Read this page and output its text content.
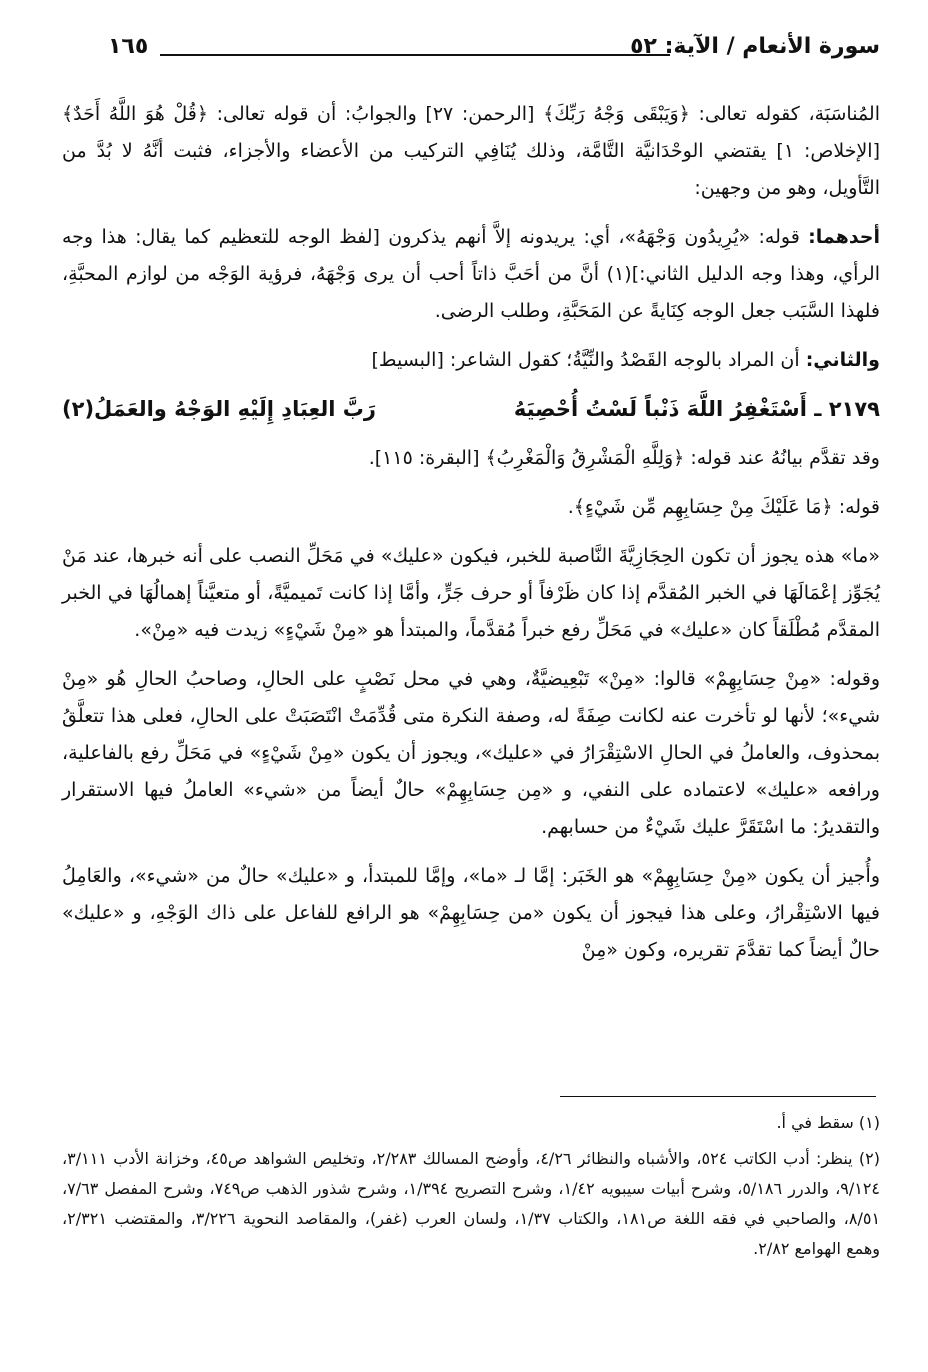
سورة الأنعام / الآية: ٥٢
١٦٥

المُناسَبَة، كقوله تعالى: ﴿وَيَبْقَى وَجْهُ رَبِّكَ﴾ [الرحمن: ٢٧] والجوابُ: أن قوله تعالى: ﴿قُلْ هُوَ اللَّهُ أَحَدٌ﴾ [الإخلاص: ١] يقتضي الوحْدَانيَّة التَّامَّة، وذلك يُنَافِي التركيب من الأعضاء والأجزاء، فثبت أنَّهُ لا بُدَّ من التَّأويل، وهو من وجهين:

أحدهما: قوله: «يُرِيدُون وَجْهَهُ»، أي: يريدونه إلاَّ أنهم يذكرون [لفظ الوجه للتعظيم كما يقال: هذا وجه الرأي، وهذا وجه الدليل الثاني:](١) أنَّ من أحَبَّ ذاتاً أحب أن يرى وَجْهَهُ، فرؤية الوَجْه من لوازم المحبَّةِ، فلهذا السَّبَب جعل الوجه كِنَايةً عن المَحَبَّةِ، وطلب الرضى.

والثاني: أن المراد بالوجه القَصْدُ والنِّيَّةُ؛ كقول الشاعر: [البسيط]

٢١٧٩ ـ أَسْتَغْفِرُ اللَّهَ ذَنْباً لَسْتُ أُحْصِيَهُ
رَبَّ العِبَادِ إِلَيْهِ الوَجْهُ والعَمَلُ(٢)

وقد تقدَّم بيانُهُ عند قوله: ﴿وَلِلَّهِ الْمَشْرِقُ وَالْمَغْرِبُ﴾ [البقرة: ١١٥].

قوله: ﴿مَا عَلَيْكَ مِنْ حِسَابِهِم مِّن شَيْءٍ﴾.

«ما» هذه يجوز أن تكون الحِجَازِيَّةَ النَّاصبة للخبر، فيكون «عليك» في مَحَلِّ النصب على أنه خبرها، عند مَنْ يُجَوِّز إعْمَالَهَا في الخبر المُقدَّم إذا كان ظَرْفاً أو حرف جَرٍّ، وأمَّا إذا كانت تَميميَّةً، أو متعيَّناً إهمالُهَا في الخبر المقدَّم مُطْلَقاً كان «عليك» في مَحَلِّ رفع خبراً مُقدَّماً، والمبتدأ هو «مِنْ شَيْءٍ» زيدت فيه «مِنْ».

وقوله: «مِنْ حِسَابِهِمْ» قالوا: «مِنْ» تَبْعِيضيَّةٌ، وهي في محل نَصْبٍ على الحالِ، وصاحبُ الحالِ هُو «مِنْ شيء»؛ لأنها لو تأخرت عنه لكانت صِفَةً له، وصفة النكرة متى قُدِّمَتْ انْتَصَبَتْ على الحالِ، فعلى هذا تتعلَّقُ بمحذوف، والعاملُ في الحالِ الاسْتِقْرَارُ في «عليك»، ويجوز أن يكون «مِنْ شَيْءٍ» في مَحَلِّ رفع بالفاعلية، ورافعه «عليك» لاعتماده على النفي، و «مِن حِسَابِهِمْ» حالٌ أيضاً من «شيء» العاملُ فيها الاستقرار والتقديرُ: ما اسْتَقَرَّ عليك شَيْءٌ من حسابهم.

وأُجيز أن يكون «مِنْ حِسَابِهِمْ» هو الخَبَر: إمَّا لـ «ما»، وإمَّا للمبتدأ، و «عليك» حالٌ من «شيء»، والعَامِلُ فيها الاسْتِقْرارُ، وعلى هذا فيجوز أن يكون «من حِسَابِهِمْ» هو الرافع للفاعل على ذاك الوَجْهِ، و «عليك» حالٌ أيضاً كما تقدَّمَ تقريره، وكون «مِنْ

(١) سقط في أ.

(٢) ينظر: أدب الكاتب ٥٢٤، والأشباه والنظائر ٤/٢٦، وأوضح المسالك ٢/٢٨٣، وتخليص الشواهد ص٤٥، وخزانة الأدب ٣/١١١، ٩/١٢٤، والدرر ٥/١٨٦، وشرح أبيات سيبويه ١/٤٢، وشرح التصريح ١/٣٩٤، وشرح شذور الذهب ص٧٤٩، وشرح المفصل ٧/٦٣، ٨/٥١، والصاحبي في فقه اللغة ص١٨١، والكتاب ١/٣٧، ولسان العرب (غفر)، والمقاصد النحوية ٣/٢٢٦، والمقتضب ٢/٣٢١، وهمع الهوامع ٢/٨٢.
